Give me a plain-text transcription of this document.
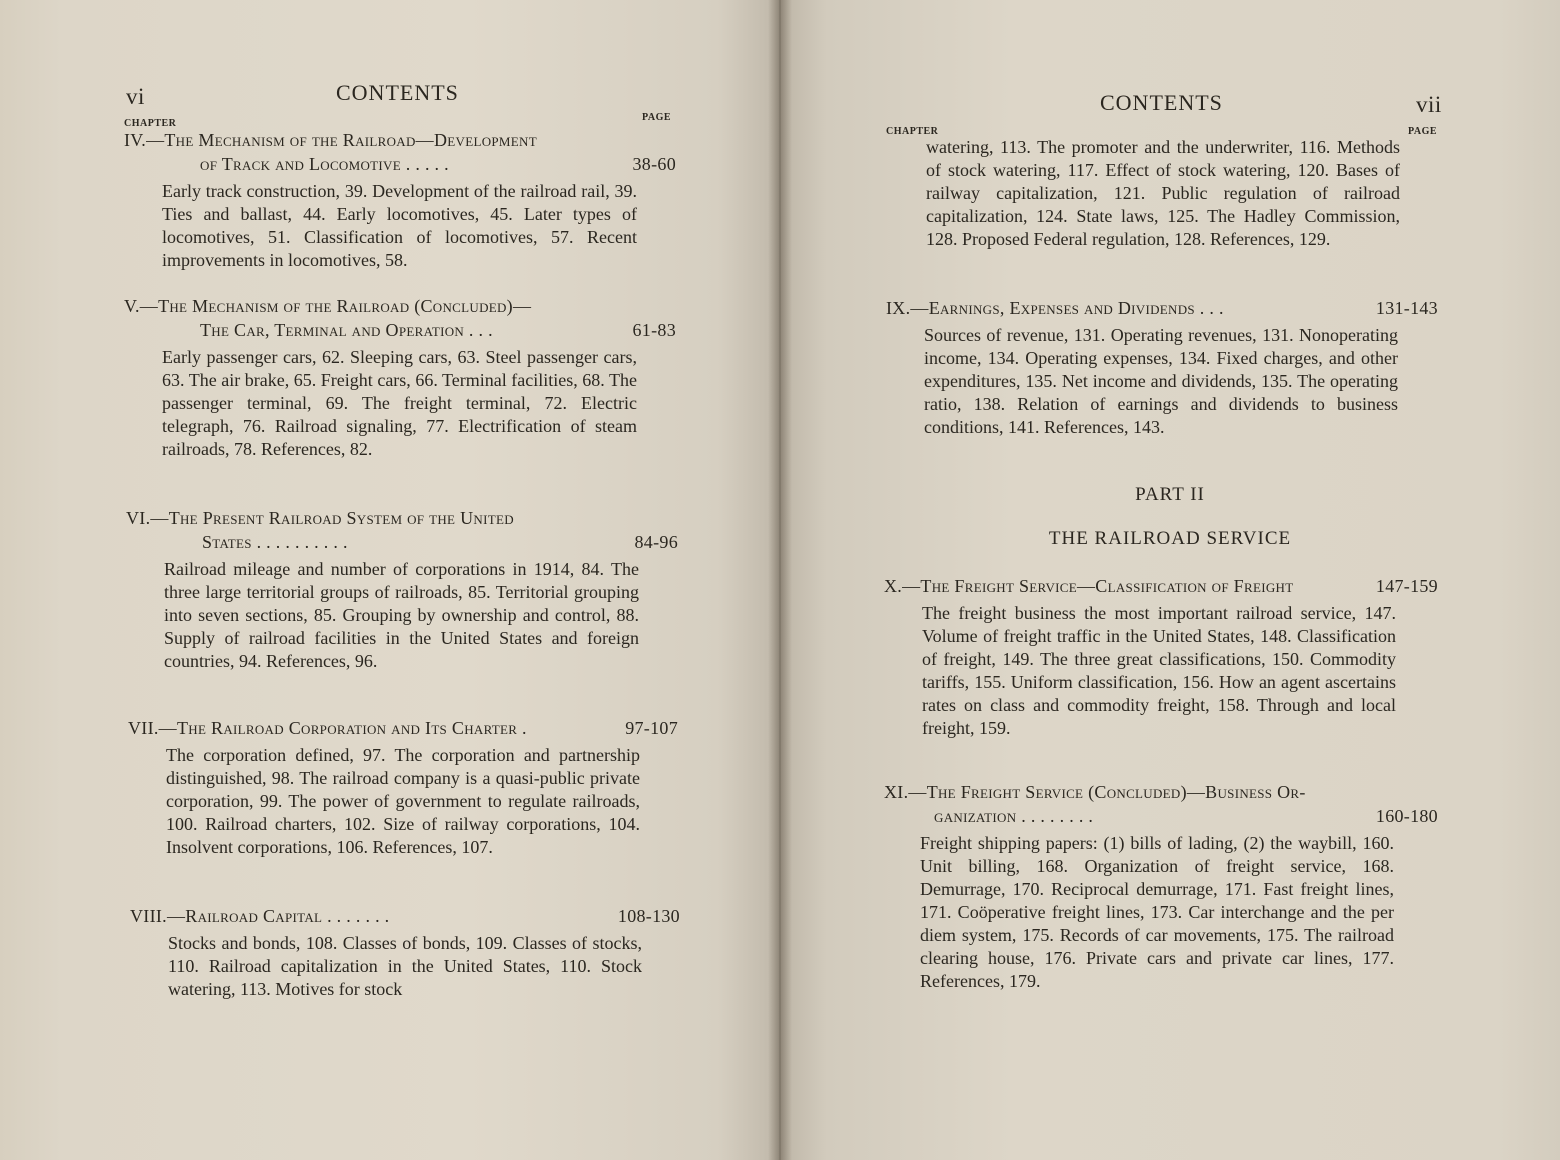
vi	CONTENTS
CHAPTER
PAGE
IV.—The Mechanism of the Railroad—Development
of Track and Locomotive . . . . .	38-60
Early track construction, 39. Development of the railroad rail, 39. Ties and ballast, 44. Early locomotives, 45. Later types of locomotives, 51. Classification of locomotives, 57. Recent improvements in locomotives, 58.
V.—The Mechanism of the Railroad (Concluded)—
The Car, Terminal and Operation . . .	61-83
Early passenger cars, 62. Sleeping cars, 63. Steel passenger cars, 63. The air brake, 65. Freight cars, 66. Terminal facilities, 68. The passenger terminal, 69. The freight terminal, 72. Electric telegraph, 76. Railroad signaling, 77. Electrification of steam railroads, 78. References, 82.
VI.—The Present Railroad System of the United
States . . . . . . . . . .	84-96
Railroad mileage and number of corporations in 1914, 84. The three large territorial groups of railroads, 85. Territorial grouping into seven sections, 85. Grouping by ownership and control, 88. Supply of railroad facilities in the United States and foreign countries, 94. References, 96.
VII.—The Railroad Corporation and Its Charter .	97-107
The corporation defined, 97. The corporation and partnership distinguished, 98. The railroad company is a quasi-public private corporation, 99. The power of government to regulate railroads, 100. Railroad charters, 102. Size of railway corporations, 104. Insolvent corporations, 106. References, 107.
VIII.—Railroad Capital . . . . . . .	108-130
Stocks and bonds, 108. Classes of bonds, 109. Classes of stocks, 110. Railroad capitalization in the United States, 110. Stock watering, 113. Motives for stock
CONTENTS	vii
CHAPTER	PAGE
watering, 113. The promoter and the underwriter, 116. Methods of stock watering, 117. Effect of stock watering, 120. Bases of railway capitalization, 121. Public regulation of railroad capitalization, 124. State laws, 125. The Hadley Commission, 128. Proposed Federal regulation, 128. References, 129.
IX.—Earnings, Expenses and Dividends . . .	131-143
Sources of revenue, 131. Operating revenues, 131. Nonoperating income, 134. Operating expenses, 134. Fixed charges, and other expenditures, 135. Net income and dividends, 135. The operating ratio, 138. Relation of earnings and dividends to business conditions, 141. References, 143.
PART II
THE RAILROAD SERVICE
X.—The Freight Service—Classification of Freight	147-159
The freight business the most important railroad service, 147. Volume of freight traffic in the United States, 148. Classification of freight, 149. The three great classifications, 150. Commodity tariffs, 155. Uniform classification, 156. How an agent ascertains rates on class and commodity freight, 158. Through and local freight, 159.
XI.—The Freight Service (Concluded)—Business Or-
ganization . . . . . . . .	160-180
Freight shipping papers: (1) bills of lading, (2) the waybill, 160. Unit billing, 168. Organization of freight service, 168. Demurrage, 170. Reciprocal demurrage, 171. Fast freight lines, 171. Coöperative freight lines, 173. Car interchange and the per diem system, 175. Records of car movements, 175. The railroad clearing house, 176. Private cars and private car lines, 177. References, 179.
